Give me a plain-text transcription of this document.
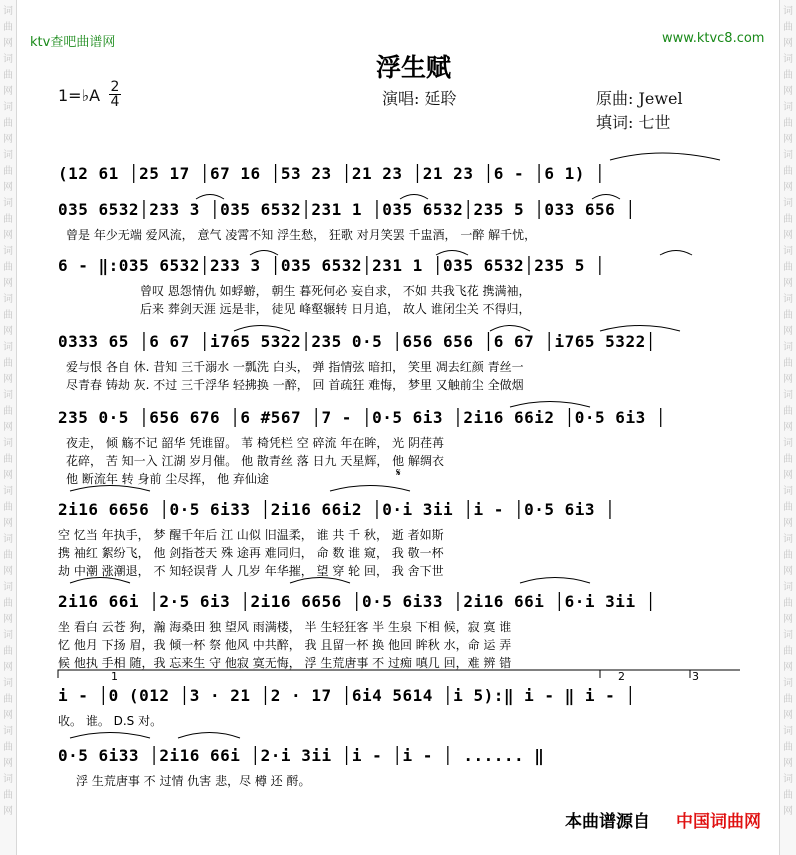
词
曲
网
词
曲
网
词
曲
网
词
曲
网
词
曲
网
词
曲
网
词
曲
网
词
曲
网
词
曲
网
词
曲
网
词
曲
网
词
曲
网
词
曲
网
词
曲
网
词
曲
网
词
曲
网
词
曲
网
词
曲
网
词
曲
网
词
曲
网
词
曲
网
词
曲
网
词
曲
网
词
曲
网
词
曲
网
词
曲
网
词
曲
网
词
曲
网
词
曲
网
词
曲
网
词
曲
网
词
曲
网
词
曲
网
词
曲
网
ktv查吧曲谱网	www.ktvc8.com
浮生赋
1=♭A 2
4	演唱: 延聆	原曲: Jewel
填词: 七世
(12 61 │25 17 │67 16 │53 23 │21 23 │21 23 │6 - │6 1) │
035 6532│233 3 │035 6532│231 1 │035 6532│235 5 │033 656 │
曾是 年少无端 爱风流， 意气 凌霄不知 浮生愁， 狂歌 对月笑罢 千盅酒， 一醉 解千忧，
6 - ‖:035 6532│233 3 │035 6532│231 1 │035 6532│235 5 │
曾叹 恩怨情仇 如蜉蝣， 朝生 暮死何必 妄自求， 不如 共我飞花 携满袖，
后来 葬剑天涯 远是非， 徒见 峰壑辗转 日月追， 故人 谁闭尘关 不得归，
0333 65 │6 67 │i765 5322│235 0·5 │656 656 │6 67 │i765 5322│
爱与恨 各自 休. 昔知 三千溺水 一瓢洗 白头， 弹 指情弦 暗扣， 笑里 凋去红颜 青丝一
尽青春 铸劫 灰. 不过 三千浮华 轻拂换 一醉， 回 首疏狂 难悔， 梦里 又触前尘 全做烟
235 0·5 │656 676 │6 #567 │7 - │0·5 6i3 │2i16 66i2 │0·5 6i3 │
夜走， 倾 觞不记 韶华 凭谁留。 苇 椅凭栏 空 碎流 年在眸， 光 阴荏苒
花碎， 苦 知一入 江湖 岁月催。 他 散青丝 落 日九 天星辉， 他 解绸衣
𝄋
他 断流年 转 身前 尘尽挥， 他 弃仙途
2i16 6656 │0·5 6i33 │2i16 66i2 │0·i 3ii │i - │0·5 6i3 │
空 忆当 年执手， 梦 醒千年后 江 山似 旧温柔， 谁 共 千 秋， 逝 者如斯
携 袖红 絮纷飞， 他 剑指苍天 殊 途再 难同归， 命 数 谁 窥， 我 敬一杯
劫 中潮 涨潮退， 不 知轻误背 人 几岁 年华摧， 望 穿 轮 回， 我 舍下世
2i16 66i │2·5 6i3 │2i16 6656 │0·5 6i33 │2i16 66i │6·i 3ii │
坐 看白 云苍 狗，瀚 海桑田 独 望风 雨满楼， 半 生轻狂客 半 生泉 下相 候，寂 寞 谁
忆 他月 下扬 眉，我 倾一杯 祭 他风 中共醉， 我 且留一杯 换 他回 眸秋 水，命 运 弄
候 他执 手相 随，我 忘来生 守 他寂 寞无悔， 浮 生荒唐事 不 过痴 嗔几 回，难 辨 错
1	2	3
i - │0 (012 │3 · 21 │2 · 17 │6i4 5614 │i 5):‖ i - ‖ i - │
收。 谁。 D.S 对。
0·5 6i33 │2i16 66i │2·i 3ii │i - │i - │ ...... ‖
浮 生荒唐事 不 过情 仇害 悲，尽 樽 还 酹。
本曲谱源自 中国词曲网
